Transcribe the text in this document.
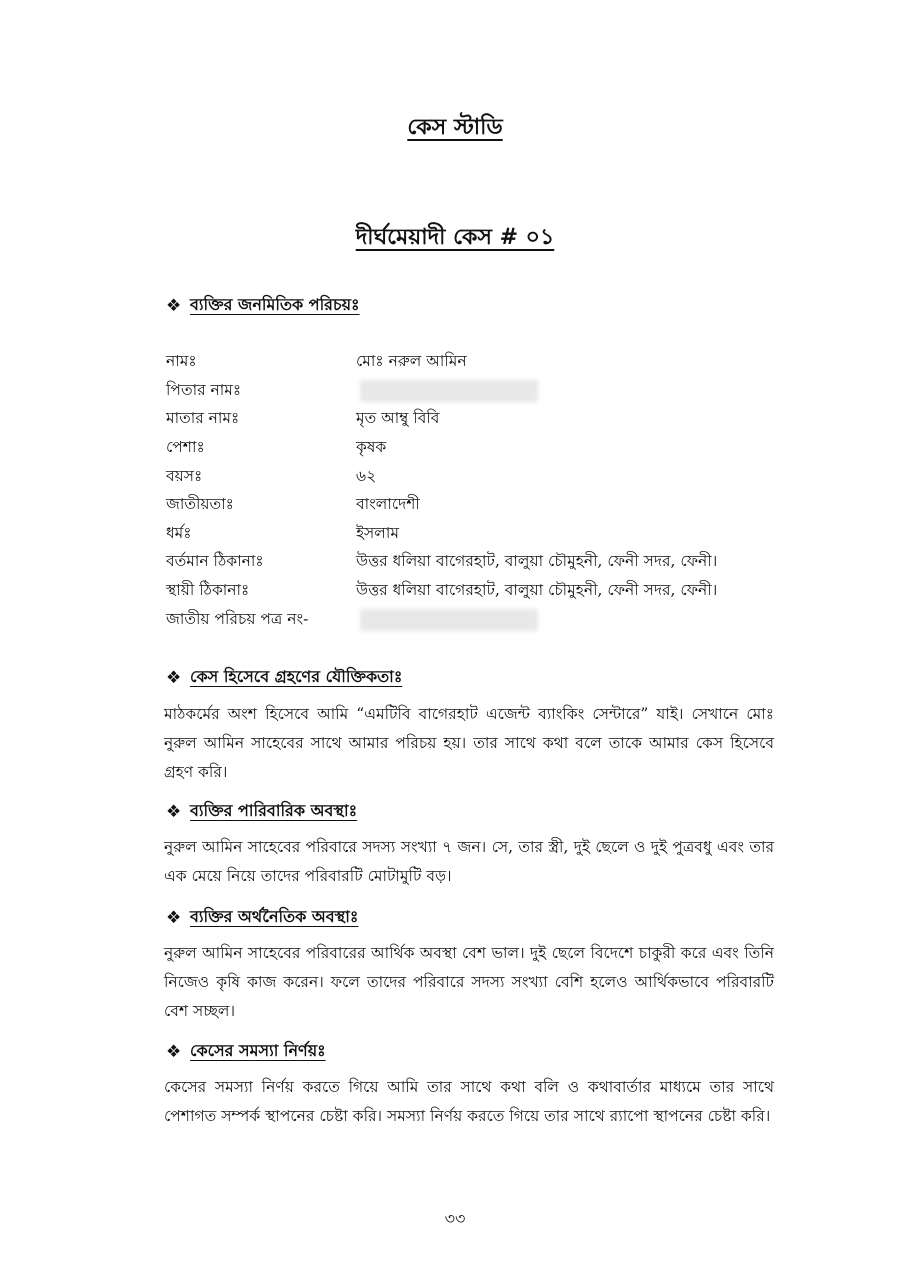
কেস স্টাডি
দীর্ঘমেয়াদী কেস # ০১
❖ ব্যক্তির জনমিতিক পরিচয়ঃ
নামঃ	মোঃ নরুল আমিন
পিতার নামঃ
মাতার নামঃ	মৃত আম্বু বিবি
পেশাঃ	কৃষক
বয়সঃ	৬২
জাতীয়তাঃ	বাংলাদেশী
ধর্মঃ	ইসলাম
বর্তমান ঠিকানাঃ	উত্তর ধলিয়া বাগেরহাট, বালুয়া চৌমুহনী, ফেনী সদর, ফেনী।
স্থায়ী ঠিকানাঃ	উত্তর ধলিয়া বাগেরহাট, বালুয়া চৌমুহনী, ফেনী সদর, ফেনী।
জাতীয় পরিচয় পত্র নং-
❖ কেস হিসেবে গ্রহণের যৌক্তিকতাঃ
মাঠকর্মের অংশ হিসেবে আমি “এমটিবি বাগেরহাট এজেন্ট ব্যাংকিং সেন্টারে” যাই। সেখানে মোঃ নুরুল আমিন সাহেবের সাথে আমার পরিচয় হয়। তার সাথে কথা বলে তাকে আমার কেস হিসেবে গ্রহণ করি।
❖ ব্যক্তির পারিবারিক অবস্থাঃ
নুরুল আমিন সাহেবের পরিবারে সদস্য সংখ্যা ৭ জন। সে, তার স্ত্রী, দুই ছেলে ও দুই পুত্রবধু এবং তার এক মেয়ে নিয়ে তাদের পরিবারটি মোটামুটি বড়।
❖ ব্যক্তির অর্থনৈতিক অবস্থাঃ
নুরুল আমিন সাহেবের পরিবারের আর্থিক অবস্থা বেশ ভাল। দুই ছেলে বিদেশে চাকুরী করে এবং তিনি নিজেও কৃষি কাজ করেন। ফলে তাদের পরিবারে সদস্য সংখ্যা বেশি হলেও আর্থিকভাবে পরিবারটি বেশ সচ্ছল।
❖ কেসের সমস্যা নির্ণয়ঃ
কেসের সমস্যা নির্ণয় করতে গিয়ে আমি তার সাথে কথা বলি ও কথাবার্তার মাধ্যমে তার সাথে পেশাগত সম্পর্ক স্থাপনের চেষ্টা করি। সমস্যা নির্ণয় করতে গিয়ে তার সাথে র‍্যাপো স্থাপনের চেষ্টা করি।
৩৩
